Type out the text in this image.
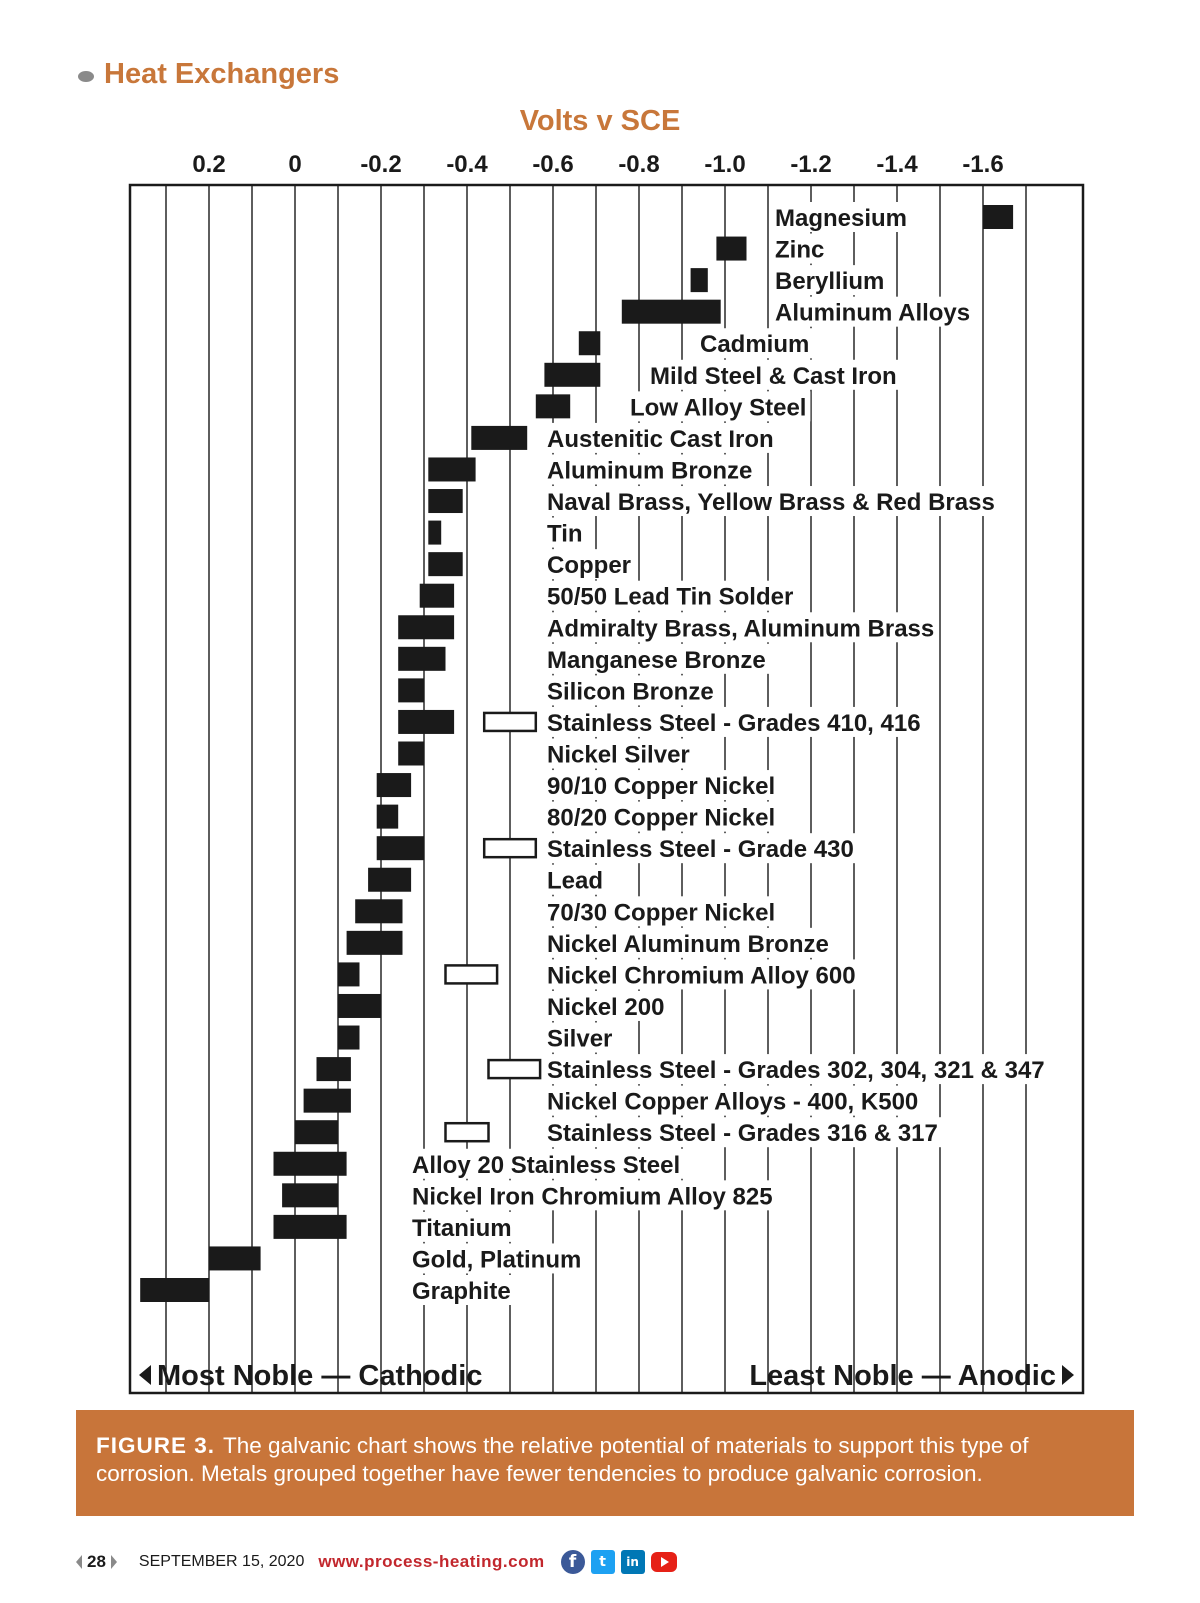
Heat Exchangers
Volts v SCE
0.2	0 -0.2 -0.4 -0.6 -0.8 -1.0 -1.2 -1.4 -1.6
Magnesium
Zinc
Beryllium
Aluminum Alloys
Cadmium
Mild Steel & Cast Iron
Low Alloy Steel
Austenitic Cast Iron
Aluminum Bronze
Naval Brass, Yellow Brass & Red Brass
Tin
Copper
50/50 Lead Tin Solder
Admiralty Brass, Aluminum Brass
Manganese Bronze
Silicon Bronze
Stainless Steel - Grades 410, 416
Nickel Silver
90/10 Copper Nickel
80/20 Copper Nickel
Stainless Steel - Grade 430
Lead
70/30 Copper Nickel
Nickel Aluminum Bronze
Nickel Chromium Alloy 600
Nickel 200
Silver
Stainless Steel - Grades 302, 304, 321 & 347
Nickel Copper Alloys - 400, K500
Stainless Steel - Grades 316 & 317
Alloy 20 Stainless Steel
Nickel Iron Chromium Alloy 825
Titanium
Gold, Platinum
Graphite
Most Noble — Cathodic	Least Noble — Anodic
FIGURE 3. The galvanic chart shows the relative potential of materials to support this type of corrosion. Metals grouped together have fewer tendencies to produce galvanic corrosion.
28 SEPTEMBER 15, 2020 www.process-heating.com	f	t	in
